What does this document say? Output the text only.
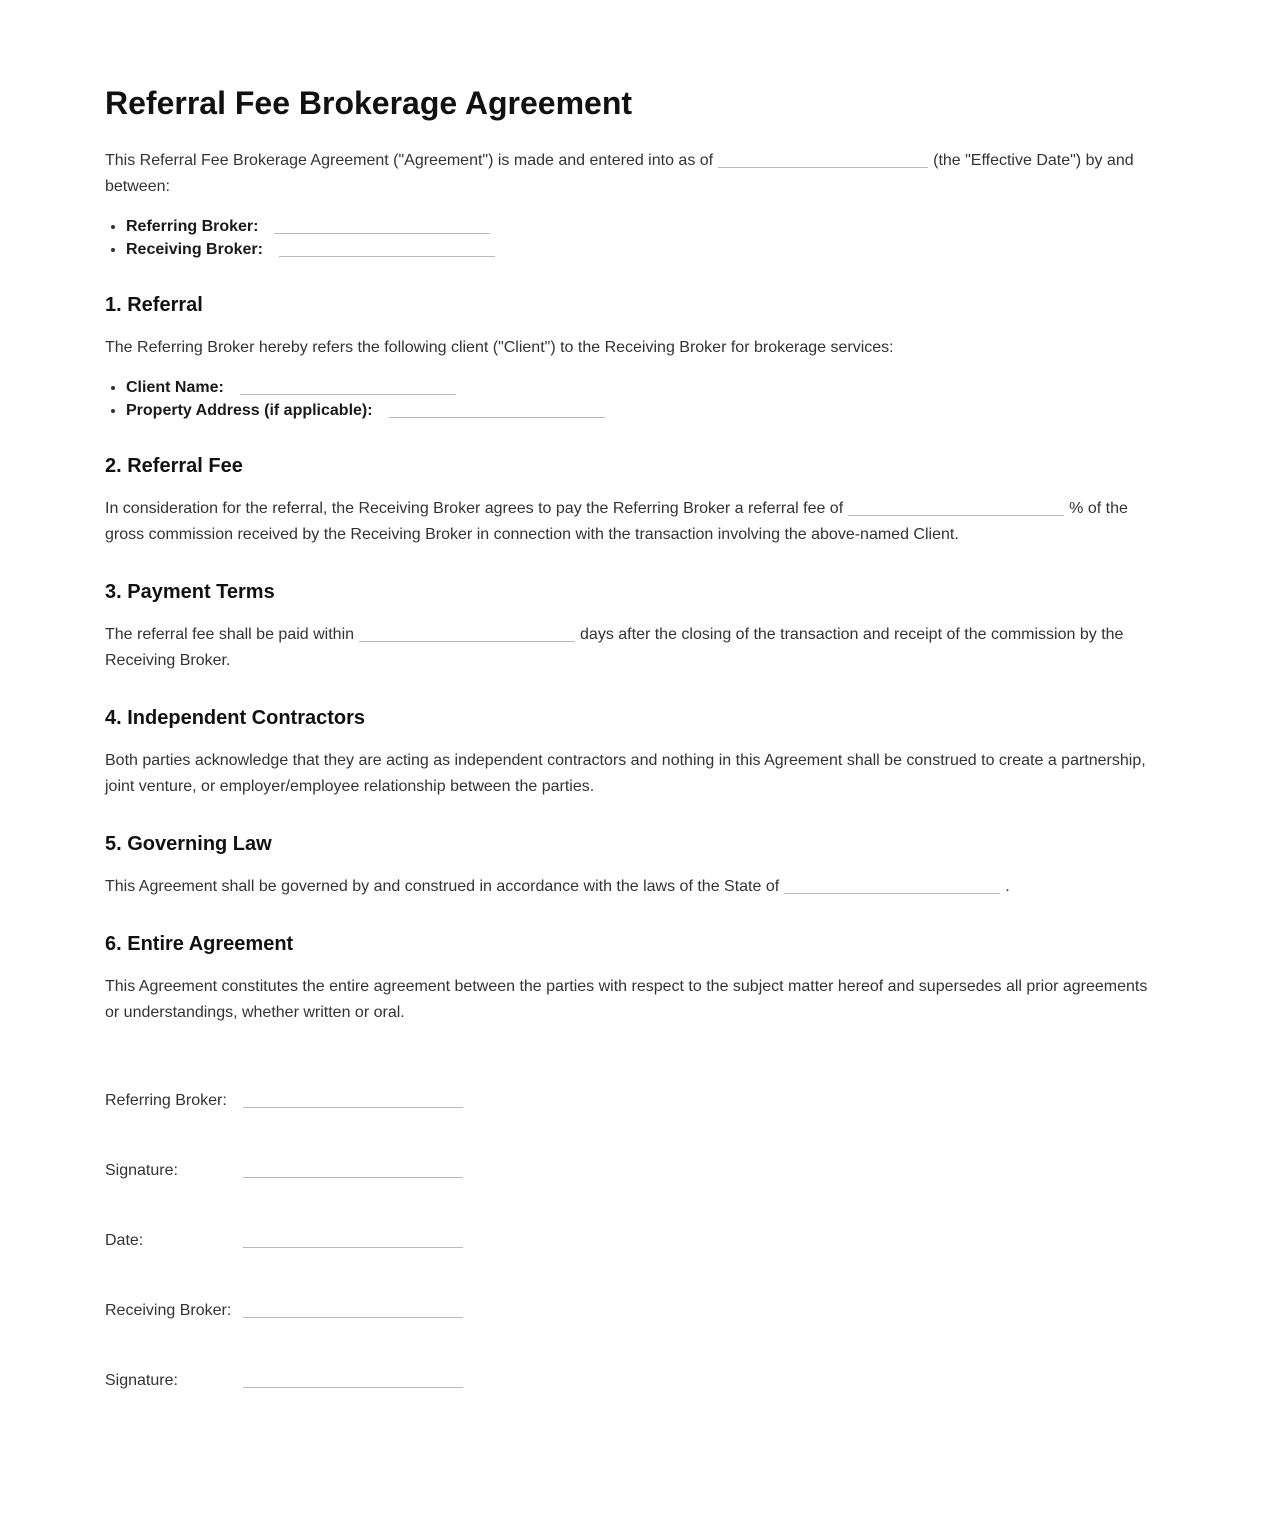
Referral Fee Brokerage Agreement

This Referral Fee Brokerage Agreement ("Agreement") is made and entered into as of	(the "Effective Date") by and between:

• Referring Broker:
• Receiving Broker:
1. Referral

The Referring Broker hereby refers the following client ("Client") to the Receiving Broker for brokerage services:

• Client Name:
• Property Address (if applicable):
2. Referral Fee

In consideration for the referral, the Receiving Broker agrees to pay the Referring Broker a referral fee of	% of the gross commission received by the Receiving Broker in connection with the transaction involving the above-named Client.

3. Payment Terms

The referral fee shall be paid within	days after the closing of the transaction and receipt of the commission by the Receiving Broker.

4. Independent Contractors

Both parties acknowledge that they are acting as independent contractors and nothing in this Agreement shall be construed to create a partnership, joint venture, or employer/employee relationship between the parties.

5. Governing Law

This Agreement shall be governed by and construed in accordance with the laws of the State of	.

6. Entire Agreement

This Agreement constitutes the entire agreement between the parties with respect to the subject matter hereof and supersedes all prior agreements or understandings, whether written or oral.

Referring Broker:

Signature:

Date:

Receiving Broker:

Signature:
